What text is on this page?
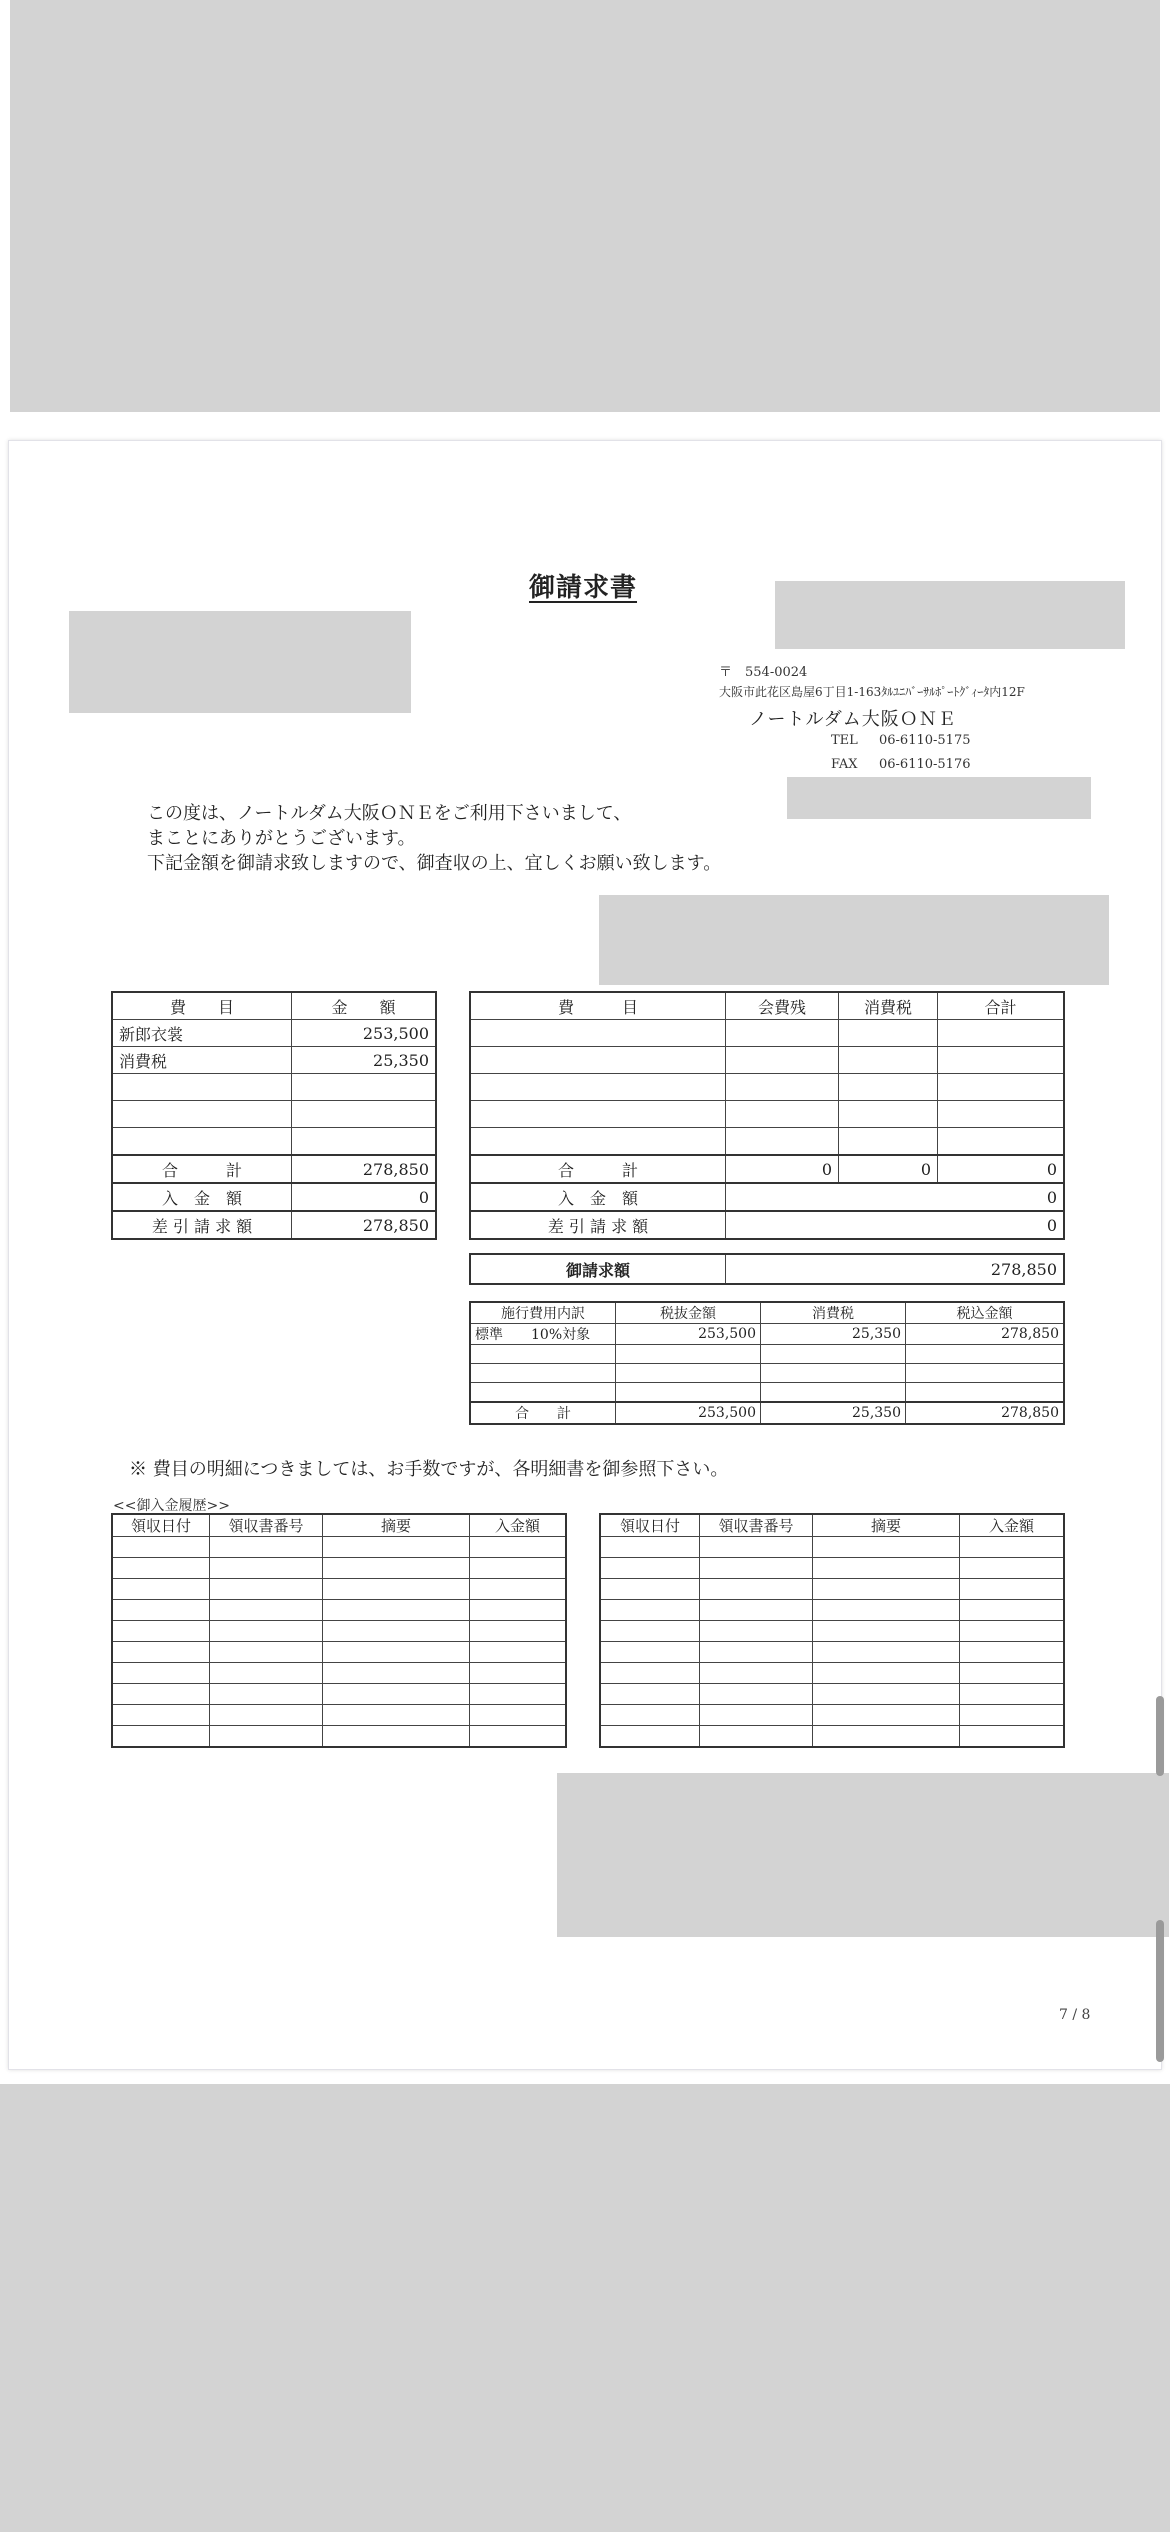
御請求書
〒　554-0024
大阪市此花区島屋6丁目1-163ﾀﾙﾕﾆﾊﾞｰｻﾙﾎﾟｰﾄｸﾞｨｰﾀ内12F
ノートルダム大阪ＯＮＥ
TEL 06-6110-5175
FAX 06-6110-5176
この度は、ノートルダム大阪ＯＮＥをご利用下さいまして、
まことにありがとうございます。
下記金額を御請求致しますので、御査収の上、宜しくお願い致します。
費　　目	金　　額
新郎衣裳	253,500
消費税	25,350

合　　　計	278,850
入　金　額	0
差 引 請 求 額	278,850
費　　　目	会費残	消費税	合計

合　　　計	0	0	0
入　金　額	0		
差 引 請 求 額	0		
御請求額	278,850
施行費用内訳	税抜金額	消費税	税込金額
標準　　10%対象	253,500	25,350	278,850

合　　計	253,500	25,350	278,850
※ 費目の明細につきましては、お手数ですが、各明細書を御参照下さい。
<<御入金履歴>>
領収日付	領収書番号	摘要	入金額

				領収日付	領収書番号	摘要	入金額

7 / 8
